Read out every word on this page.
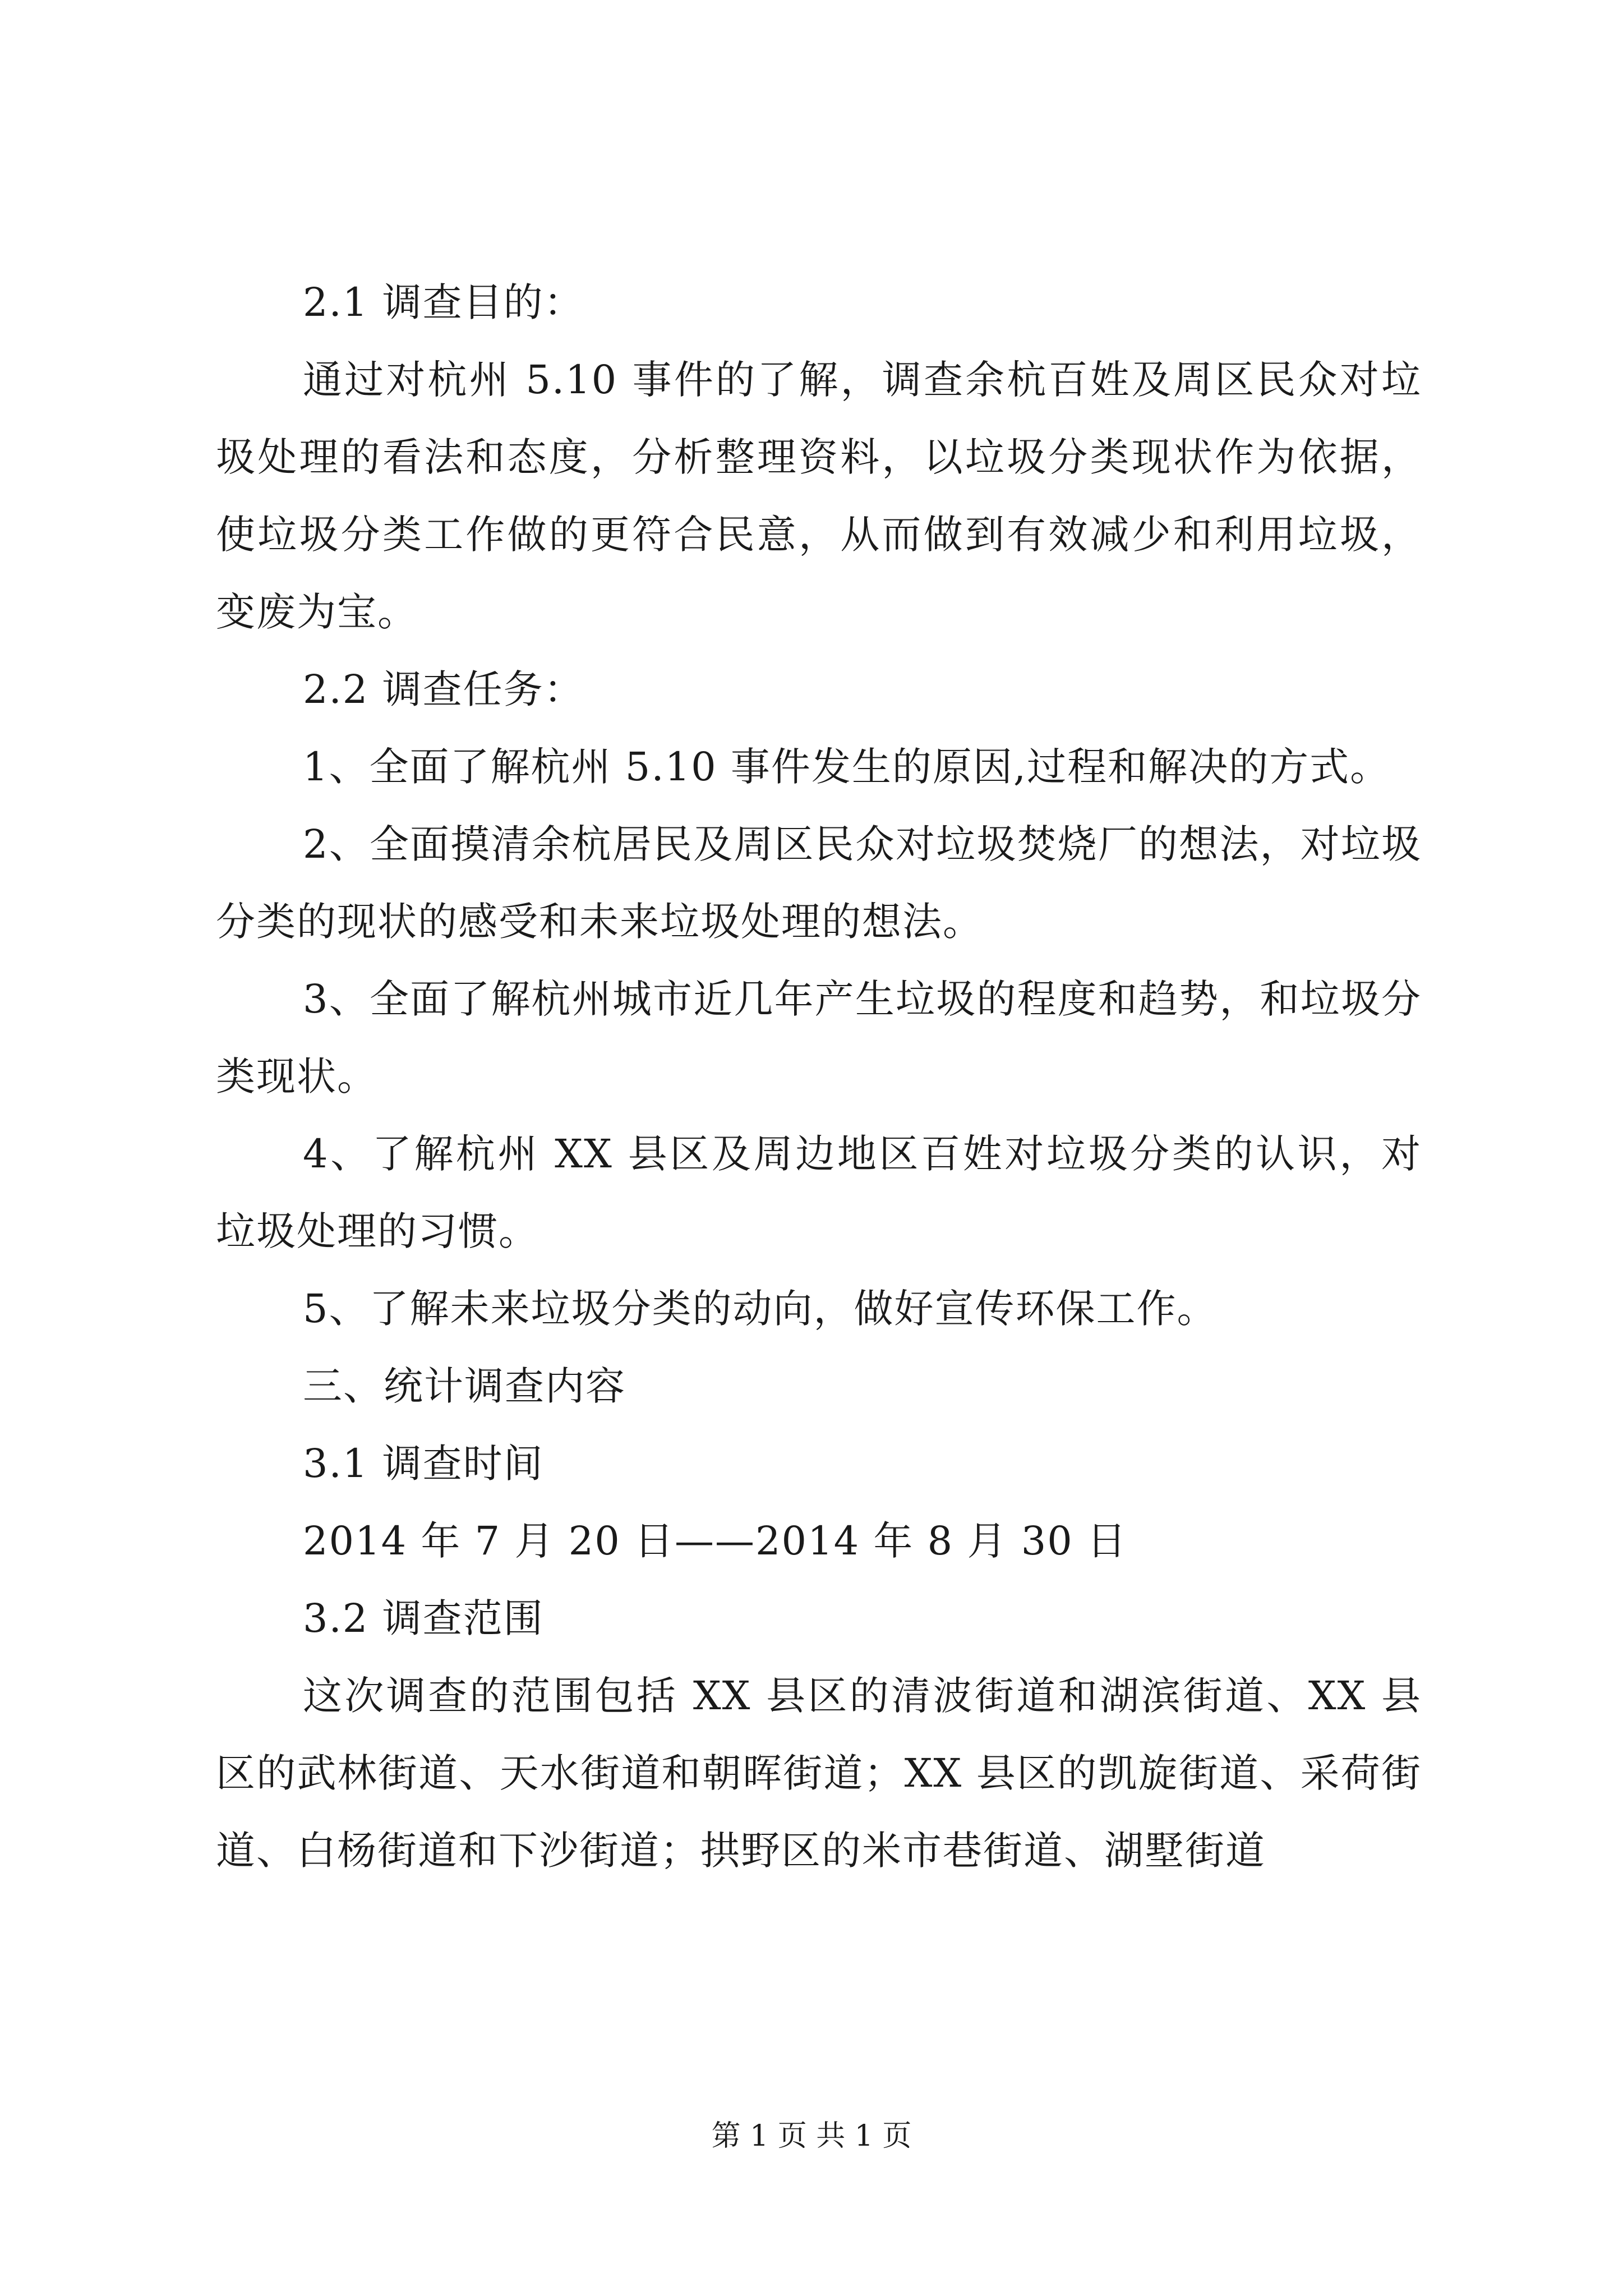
2.1 调查目的：

通过对杭州 5.10 事件的了解，调查余杭百姓及周区民众对垃圾处理的看法和态度，分析整理资料，以垃圾分类现状作为依据，使垃圾分类工作做的更符合民意，从而做到有效减少和利用垃圾，变废为宝。

2.2 调查任务：

1、全面了解杭州 5.10 事件发生的原因,过程和解决的方式。

2、全面摸清余杭居民及周区民众对垃圾焚烧厂的想法，对垃圾分类的现状的感受和未来垃圾处理的想法。

3、全面了解杭州城市近几年产生垃圾的程度和趋势，和垃圾分类现状。

4、了解杭州 XX 县区及周边地区百姓对垃圾分类的认识，对垃圾处理的习惯。

5、了解未来垃圾分类的动向，做好宣传环保工作。

三、统计调查内容

3.1 调查时间

2014 年 7 月 20 日——2014 年 8 月 30 日

3.2 调查范围

这次调查的范围包括 XX 县区的清波街道和湖滨街道、XX 县区的武林街道、天水街道和朝晖街道；XX 县区的凯旋街道、采荷街道、白杨街道和下沙街道；拱野区的米市巷街道、湖墅街道

第 1 页 共 1 页
